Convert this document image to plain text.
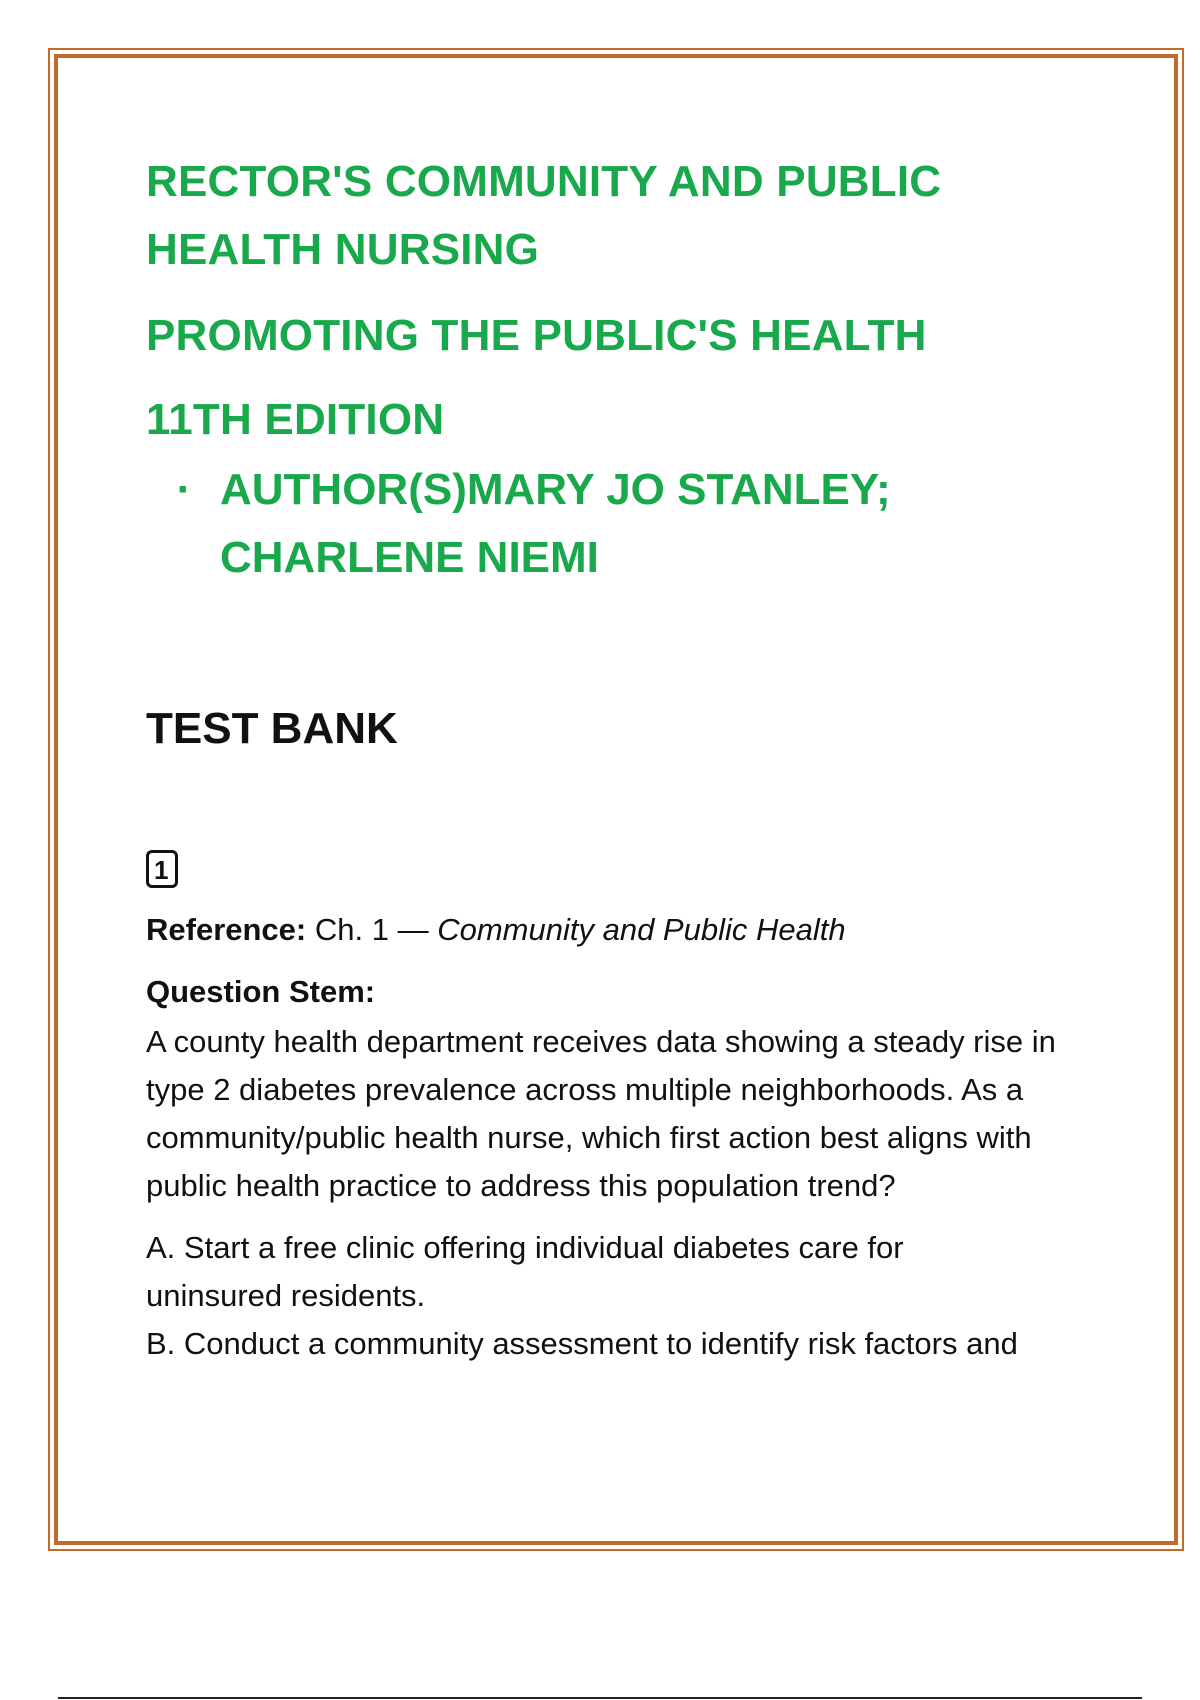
RECTOR'S COMMUNITY AND PUBLIC

HEALTH NURSING

PROMOTING THE PUBLIC'S HEALTH

11TH EDITION

· AUTHOR(S)MARY JO STANLEY; CHARLENE NIEMI
TEST BANK
1
Reference: Ch. 1 — Community and Public Health
Question Stem:
A county health department receives data showing a steady rise in type 2 diabetes prevalence across multiple neighborhoods. As a community/public health nurse, which first action best aligns with public health practice to address this population trend?
A. Start a free clinic offering individual diabetes care for uninsured residents.
B. Conduct a community assessment to identify risk factors and
